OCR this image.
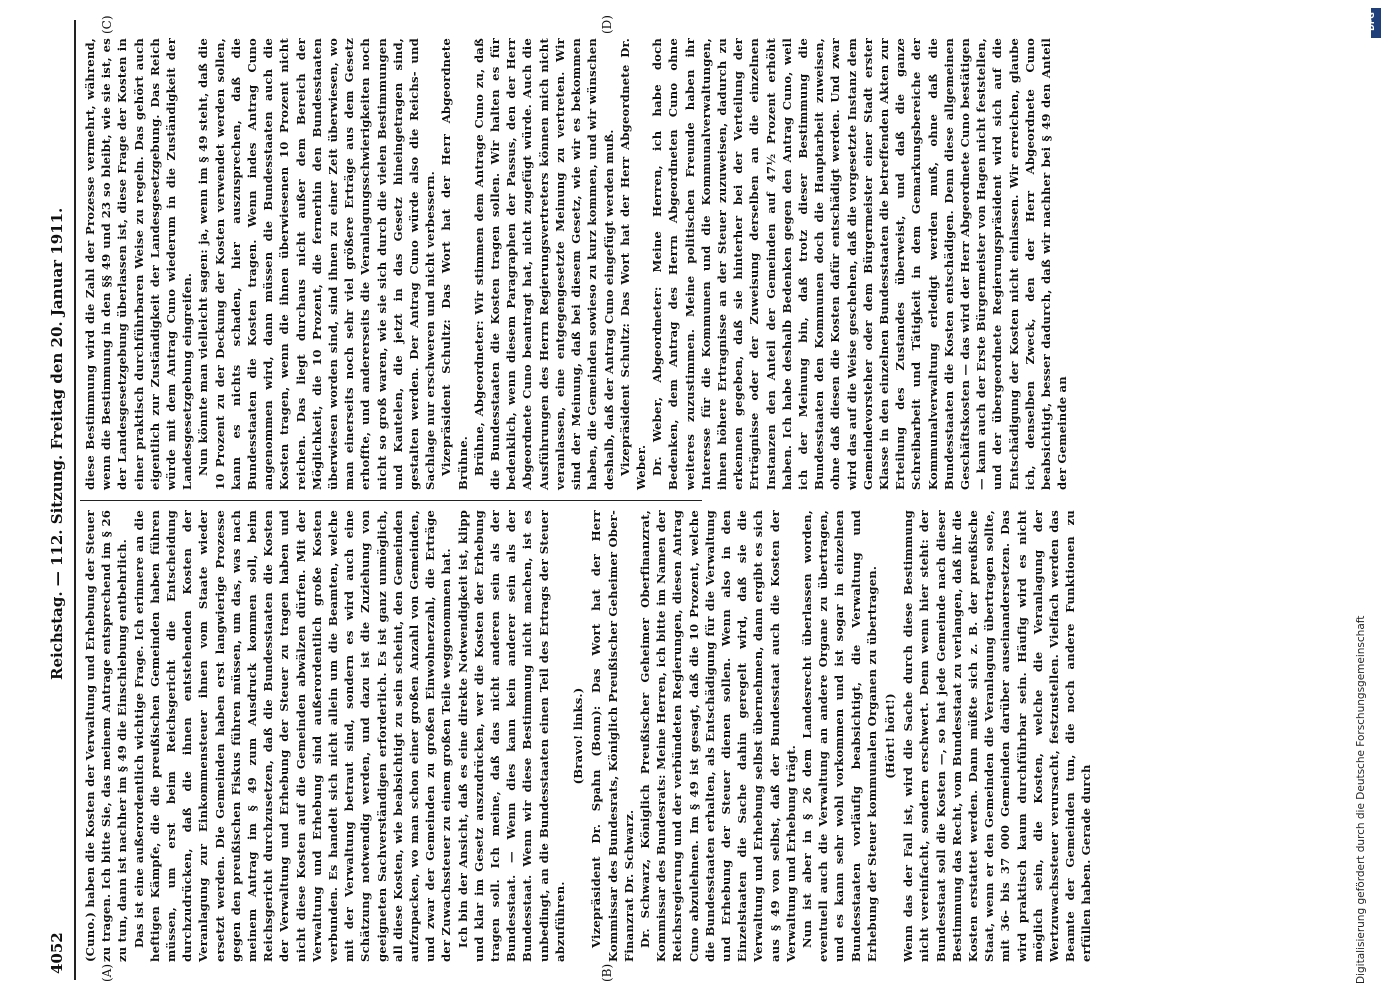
4052
Reichstag. — 112. Sitzung. Freitag den 20. Januar 1911.
(A)	(B)
(C)	(D)

(Cuno.) haben die Kosten der Verwaltung und Erhebung der Steuer zu tragen. Ich bitte Sie, das meinem Antrage entsprechend im § 26 zu tun, dann ist nachher im § 49 die Einschiebung entbehrlich. Das ist eine außerordentlich wichtige Frage. Ich erinnere an die heftigen Kämpfe, die die preußischen Gemeinden haben führen müssen, um erst beim Reichsgericht die Entscheidung durchzudrücken, daß die ihnen entstehenden Kosten der Veranlagung zur Einkommensteuer ihnen vom Staate wieder ersetzt werden. Die Gemeinden haben erst langwierige Prozesse gegen den preußischen Fiskus führen müssen, um das, was nach meinem Antrag im § 49 zum Ausdruck kommen soll, beim Reichsgericht durchzusetzen, daß die Bundesstaaten die Kosten der Verwaltung und Erhebung der Steuer zu tragen haben und nicht diese Kosten auf die Gemeinden abwälzen dürfen. Mit der Verwaltung und Erhebung sind außerordentlich große Kosten verbunden. Es handelt sich nicht allein um die Beamten, welche mit der Verwaltung betraut sind, sondern es wird auch eine Schätzung notwendig werden, und dazu ist die Zuziehung von geeigneten Sachverständigen erforderlich. Es ist ganz unmöglich, all diese Kosten, wie beabsichtigt zu sein scheint, den Gemeinden aufzupacken, wo man schon einer großen Anzahl von Gemeinden, und zwar der Gemeinden zu großen Einwohnerzahl, die Erträge der Zuwachssteuer zu einem großen Teile weggenommen hat. Ich bin der Ansicht, daß es eine direkte Notwendigkeit ist, klipp und klar im Gesetz auszudrücken, wer die Kosten der Erhebung tragen soll. Ich meine, daß das nicht anderen sein als der Bundesstaat. — Wenn dies kann kein anderer sein als der Bundesstaat. Wenn wir diese Bestimmung nicht machen, ist es unbedingt, an die Bundesstaaten einen Teil des Ertrags der Steuer abzuführen.

(Bravo! links.) Vizepräsident Dr. Spahn (Bonn): Das Wort hat der Herr Kommissar des Bundesrats, Königlich Preußischer Geheimer Ober-Finanzrat Dr. Schwarz. Dr. Schwarz, Königlich Preußischer Geheimer Oberfinanzrat, Kommissar des Bundesrats: Meine Herren, ich bitte im Namen der Reichsregierung und der verbündeten Regierungen, diesen Antrag Cuno abzulehnen. Im § 49 ist gesagt, daß die 10 Prozent, welche die Bundesstaaten erhalten, als Entschädigung für die Verwaltung und Erhebung der Steuer dienen sollen. Wenn also in den Einzelstaaten die Sache dahin geregelt wird, daß sie die Verwaltung und Erhebung selbst übernehmen, dann ergibt es sich aus § 49 von selbst, daß der Bundesstaat auch die Kosten der Verwaltung und Erhebung trägt. Nun ist aber in § 26 dem Landesrecht überlassen worden, eventuell auch die Verwaltung an andere Organe zu übertragen, und es kann sehr wohl vorkommen und ist sogar in einzelnen Bundesstaaten vorläufig beabsichtigt, die Verwaltung und Erhebung der Steuer kommunalen Organen zu übertragen. (Hört! hört!) Wenn das der Fall ist, wird die Sache durch diese Bestimmung nicht vereinfacht, sondern erschwert. Denn wenn hier steht: der Bundesstaat soll die Kosten —, so hat jede Gemeinde nach dieser Bestimmung das Recht, vom Bundesstaat zu verlangen, daß ihr die Kosten erstattet werden. Dann müßte sich z. B. der preußische Staat, wenn er den Gemeinden die Veranlagung übertragen sollte, mit 36- bis 37 000 Gemeinden darüber auseinandersetzen. Das wird praktisch kaum durchführbar sein. Häufig wird es nicht möglich sein, die Kosten, welche die Veranlagung der Wertzuwachssteuer verursacht, festzustellen. Vielfach werden das Beamte der Gemeinden tun, die noch andere Funktionen zu erfüllen haben. Gerade durch

diese Bestimmung wird die Zahl der Prozesse vermehrt, während, wenn die Bestimmung in den §§ 49 und 23 so bleibt, wie sie ist, es der Landesgesetzgebung überlassen ist, diese Frage der Kosten in einer praktisch durchführbaren Weise zu regeln. Das gehört auch eigentlich zur Zuständigkeit der Landesgesetzgebung. Das Reich würde mit dem Antrag Cuno wiederum in die Zuständigkeit der Landesgesetzgebung eingreifen. Nun könnte man vielleicht sagen: ja, wenn im § 49 steht, daß die 10 Prozent zu der Deckung der Kosten verwendet werden sollen, kann es nichts schaden, hier auszusprechen, daß die Bundesstaaten die Kosten tragen. Wenn indes Antrag Cuno angenommen wird, dann müssen die Bundesstaaten auch die Kosten tragen, wenn die ihnen überwiesenen 10 Prozent nicht reichen. Das liegt durchaus nicht außer dem Bereich der Möglichkeit, die 10 Prozent, die fernerhin den Bundesstaaten überwiesen worden sind, sind ihnen zu einer Zeit überwiesen, wo man einerseits noch sehr viel größere Erträge aus dem Gesetz erhoffte, und andererseits die Veranlagungsschwierigkeiten noch nicht so groß waren, wie sie sich durch die vielen Bestimmungen und Kautelen, die jetzt in das Gesetz hineingetragen sind, gestalten werden. Der Antrag Cuno würde also die Reichs- und Sachlage nur erschweren und nicht verbessern. Vizepräsident Schultz: Das Wort hat der Herr Abgeordnete Brühne. Brühne, Abgeordneter: Wir stimmen dem Antrage Cuno zu, daß die Bundesstaaten die Kosten tragen sollen. Wir halten es für bedenklich, wenn diesem Paragraphen der Passus, den der Herr Abgeordnete Cuno beantragt hat, nicht zugefügt würde. Auch die Ausführungen des Herrn Regierungsvertreters können mich nicht veranlassen, eine entgegengesetzte Meinung zu vertreten. Wir sind der Meinung, daß bei diesem Gesetz, wie wir es bekommen haben, die Gemeinden sowieso zu kurz kommen, und wir wünschen deshalb, daß der Antrag Cuno eingefügt werden muß. Vizepräsident Schultz: Das Wort hat der Herr Abgeordnete Dr. Weber. Dr. Weber, Abgeordneter: Meine Herren, ich habe doch Bedenken, dem Antrag des Herrn Abgeordneten Cuno ohne weiteres zuzustimmen. Meine politischen Freunde haben ihr Interesse für die Kommunen und die Kommunalverwaltungen, ihnen höhere Ertragnisse an der Steuer zuzuweisen, dadurch zu erkennen gegeben, daß sie hinterher bei der Verteilung der Erträgnisse oder der Zuweisung derselben an die einzelnen Instanzen den Anteil der Gemeinden auf 47½ Prozent erhöht haben. Ich habe deshalb Bedenken gegen den Antrag Cuno, weil ich der Meinung bin, daß trotz dieser Bestimmung die Bundesstaaten den Kommunen doch die Hauptarbeit zuweisen, ohne daß diesen die Kosten dafür entschädigt werden. Und zwar wird das auf die Weise geschehen, daß die vorgesetzte Instanz dem Gemeindevorsteher oder dem Bürgermeister einer Stadt erster Klasse in den einzelnen Bundesstaaten die betreffenden Akten zur Erteilung des Zustandes überweist, und daß die ganze Schreibarbeit und Tätigkeit in dem Gemarkungsbereiche der Kommunalverwaltung erledigt werden muß, ohne daß die Bundesstaaten die Kosten entschädigen. Denn diese allgemeinen Geschäftskosten — das wird der Herr Abgeordnete Cuno bestätigen — kann auch der Erste Bürgermeister von Hagen nicht feststellen, und der übergeordnete Regierungspräsident wird sich auf die Entschädigung der Kosten nicht einlassen. Wir erreichen, glaube ich, denselben Zweck, den der Herr Abgeordnete Cuno beabsichtigt, besser dadurch, daß wir nachher bei § 49 den Anteil der Gemeinde an

Digitalisierung gefördert durch die Deutsche Forschungsgemeinschaft
DFG
